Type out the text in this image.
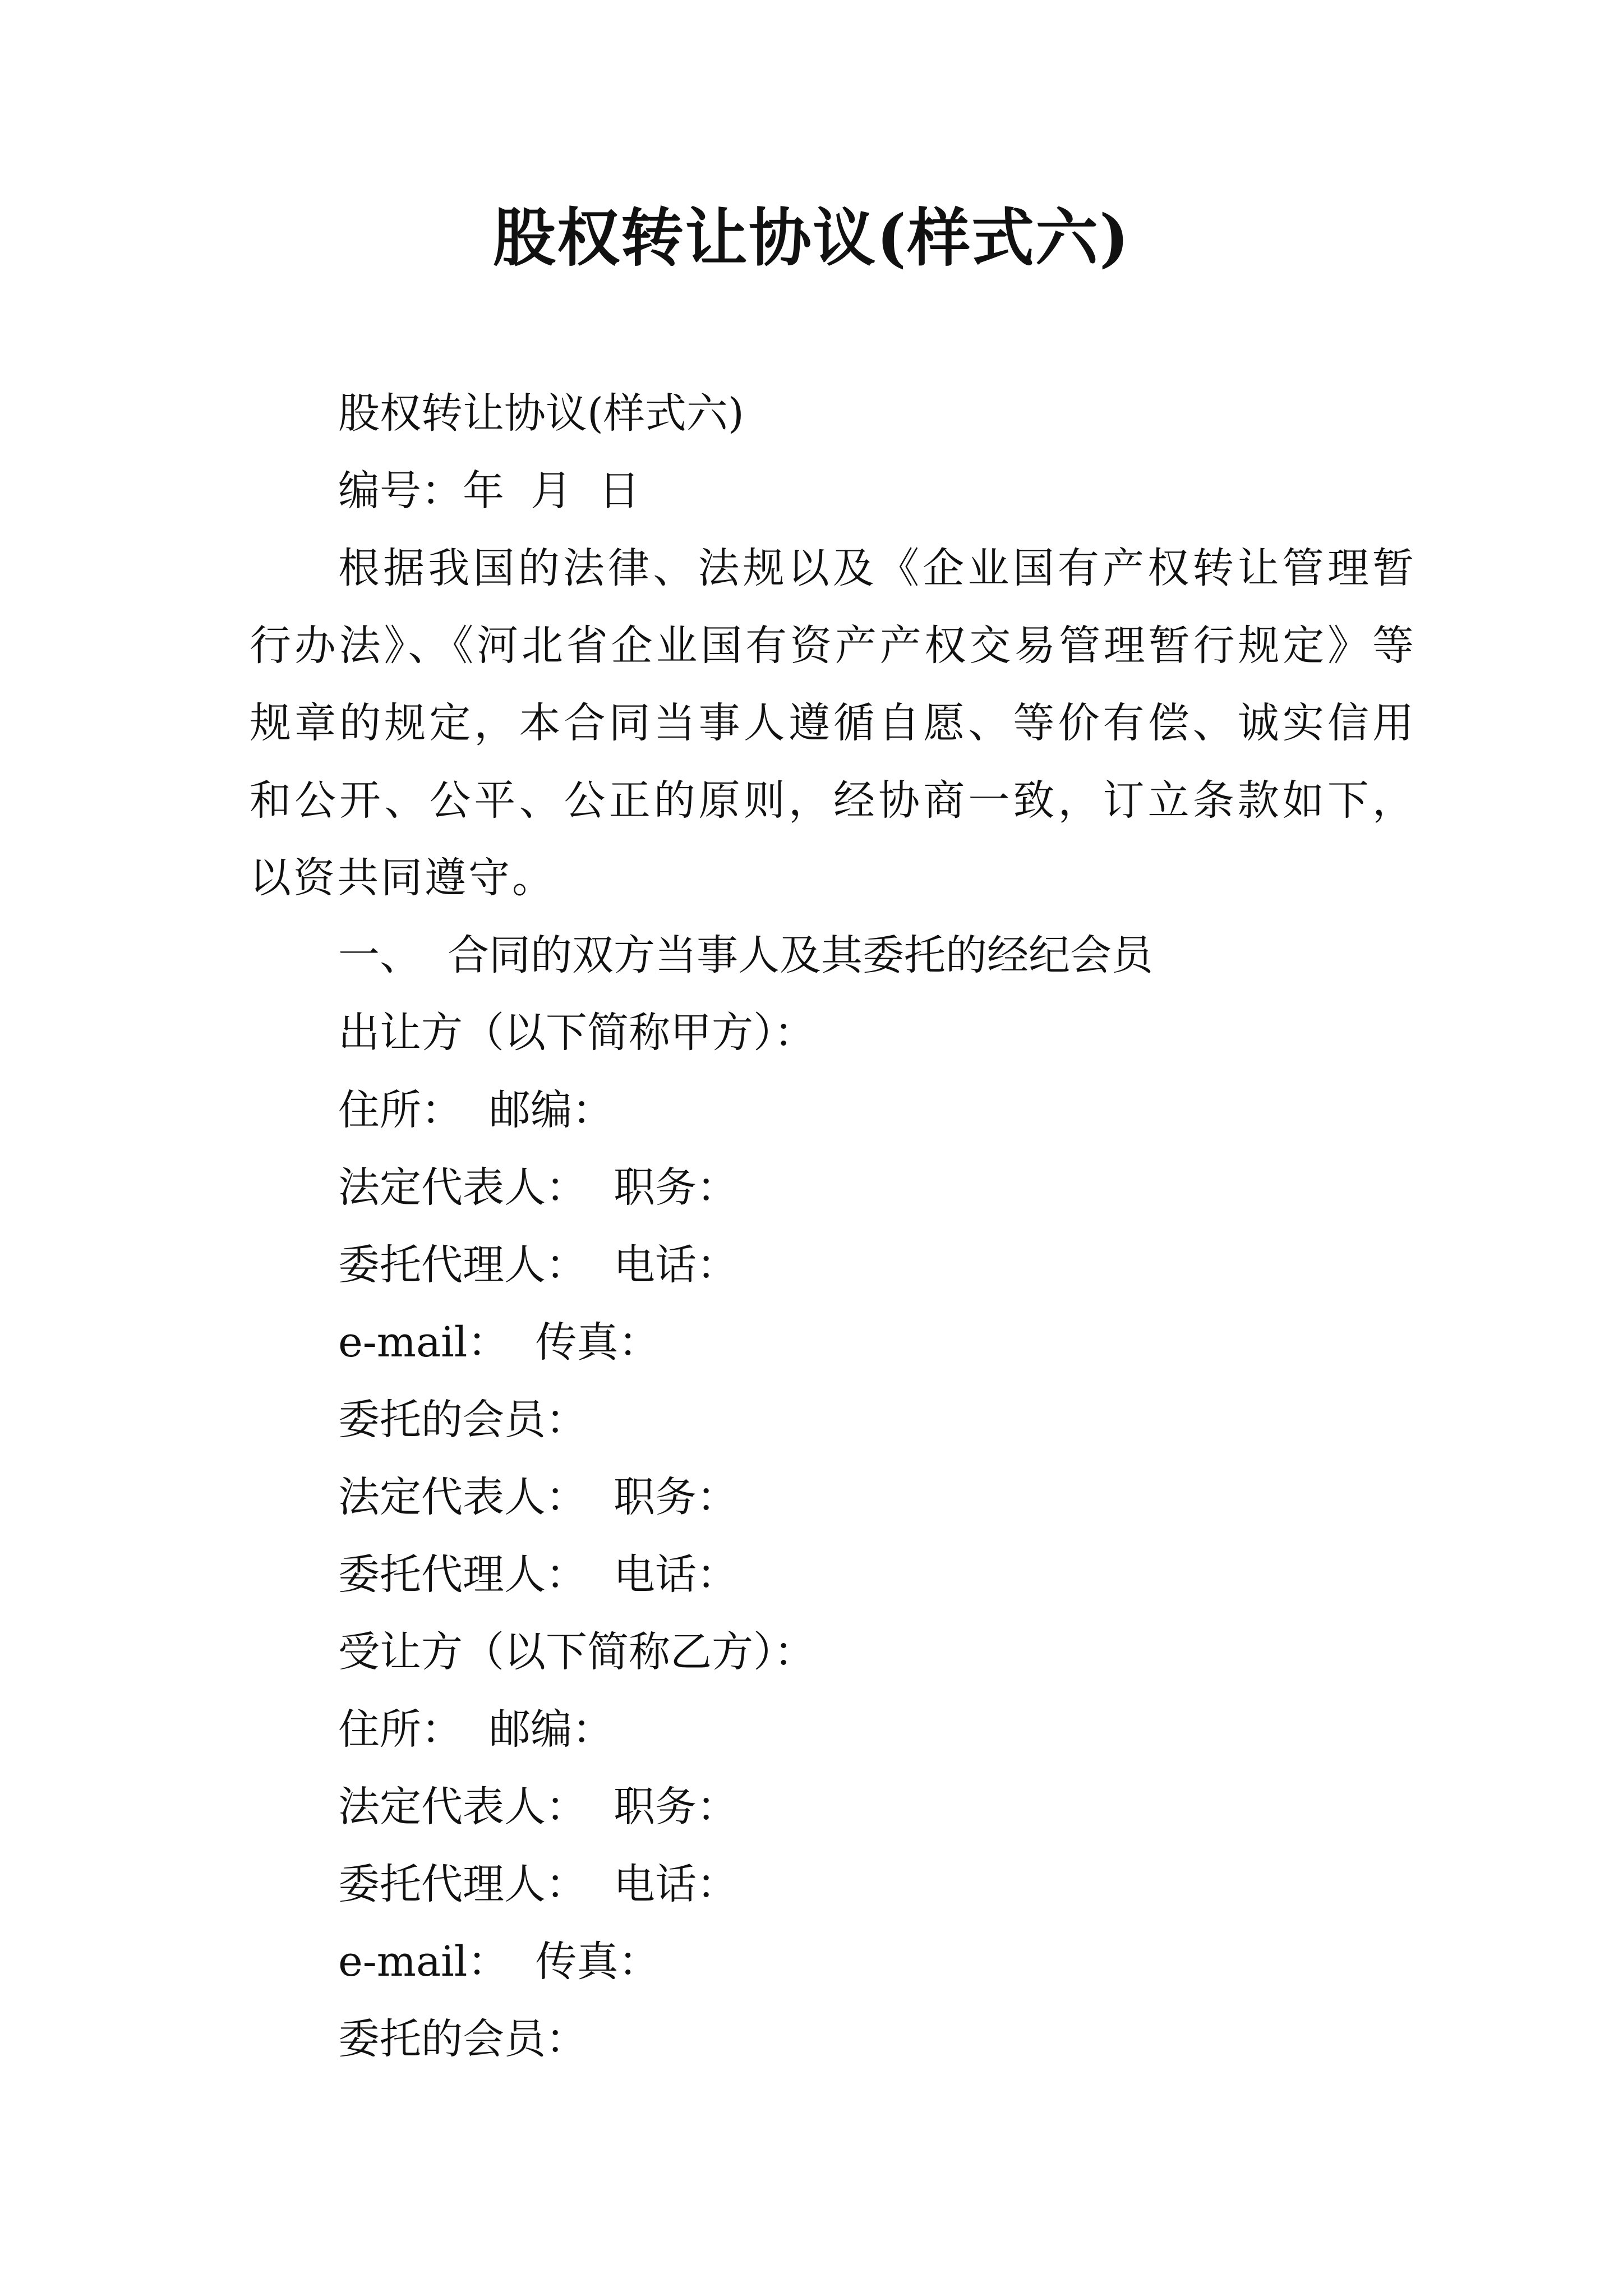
股权转让协议(样式六)

股权转让协议(样式六)

编号：年  月  日

根据我国的法律、法规以及《企业国有产权转让管理暂行办法》、《河北省企业国有资产产权交易管理暂行规定》等规章的规定，本合同当事人遵循自愿、等价有偿、诚实信用和公开、公平、公正的原则，经协商一致，订立条款如下，以资共同遵守。

一、  合同的双方当事人及其委托的经纪会员

出让方（以下简称甲方）：

住所：  邮编：

法定代表人：  职务：

委托代理人：  电话：

e-mail：  传真：

委托的会员：

法定代表人：  职务：

委托代理人：  电话：

受让方（以下简称乙方）：

住所：  邮编：

法定代表人：  职务：

委托代理人：  电话：

e-mail：  传真：

委托的会员：
